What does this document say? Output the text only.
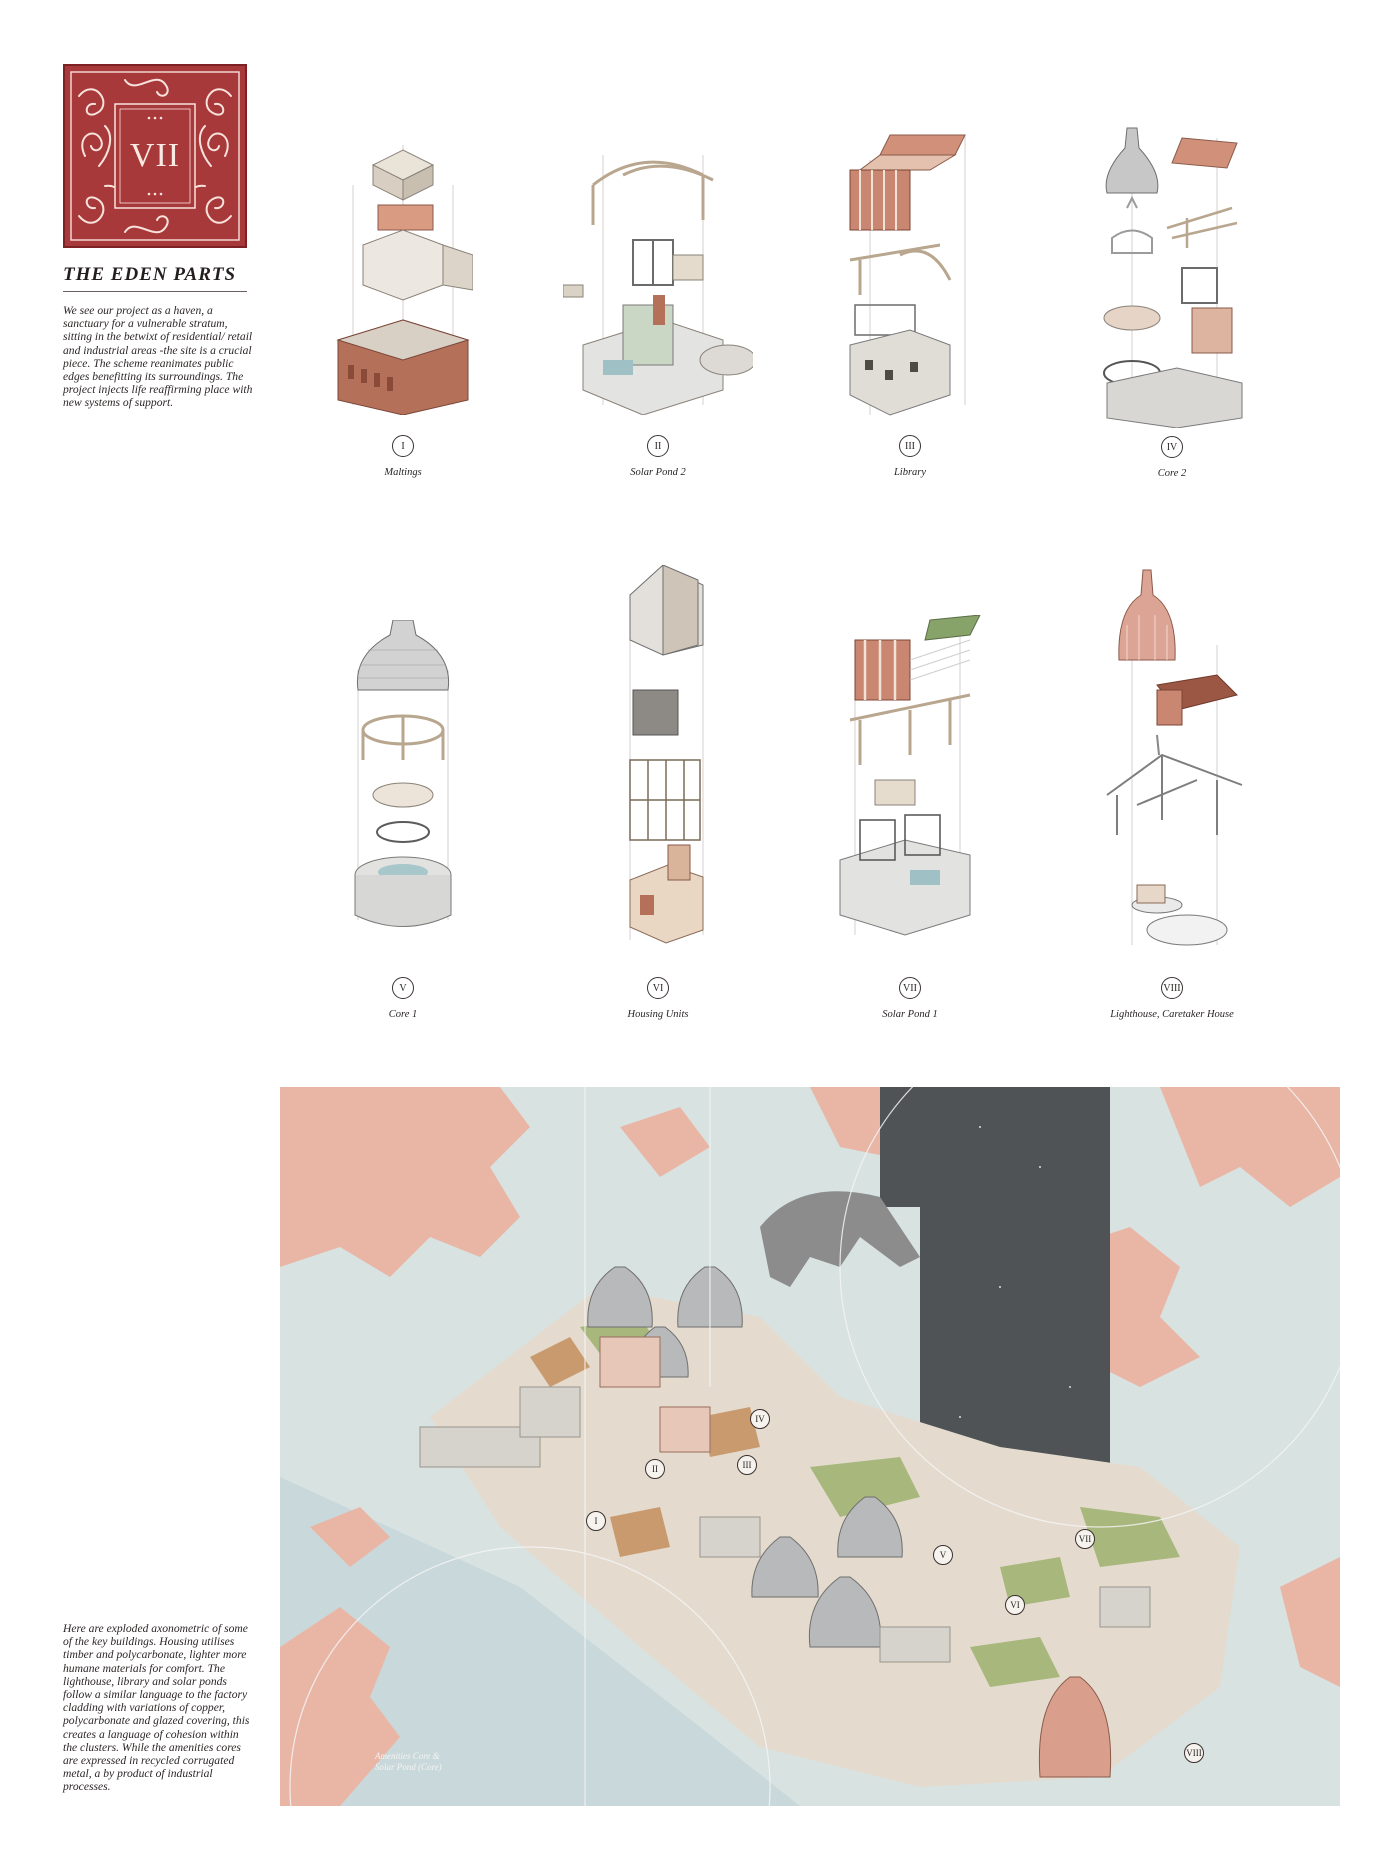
VII
THE EDEN PARTS
We see our project as a haven, a sanctuary for a vulnerable stratum, sitting in the betwixt of residential/ retail and industrial areas -the site is a crucial piece. The scheme reanimates public edges benefitting its surroundings. The project injects life reaffirming place with new systems of support.
I
Maltings
II
Solar Pond 2
III
Library
IV
Core 2
V
Core 1
VI
Housing Units
VII
Solar Pond 1
VIII
Lighthouse, Caretaker House
I
II	III
IV
V
VI
VII
VIII
Amenities Core & Solar Pond (Core)
Here are exploded axonometric of some of the key buildings. Housing utilises timber and polycarbonate, lighter more humane materials for comfort. The lighthouse, library and solar ponds follow a similar language to the factory cladding with variations of copper, polycarbonate and glazed covering, this creates a language of cohesion within the clusters. While the amenities cores are expressed in recycled corrugated metal, a by product of industrial processes.
